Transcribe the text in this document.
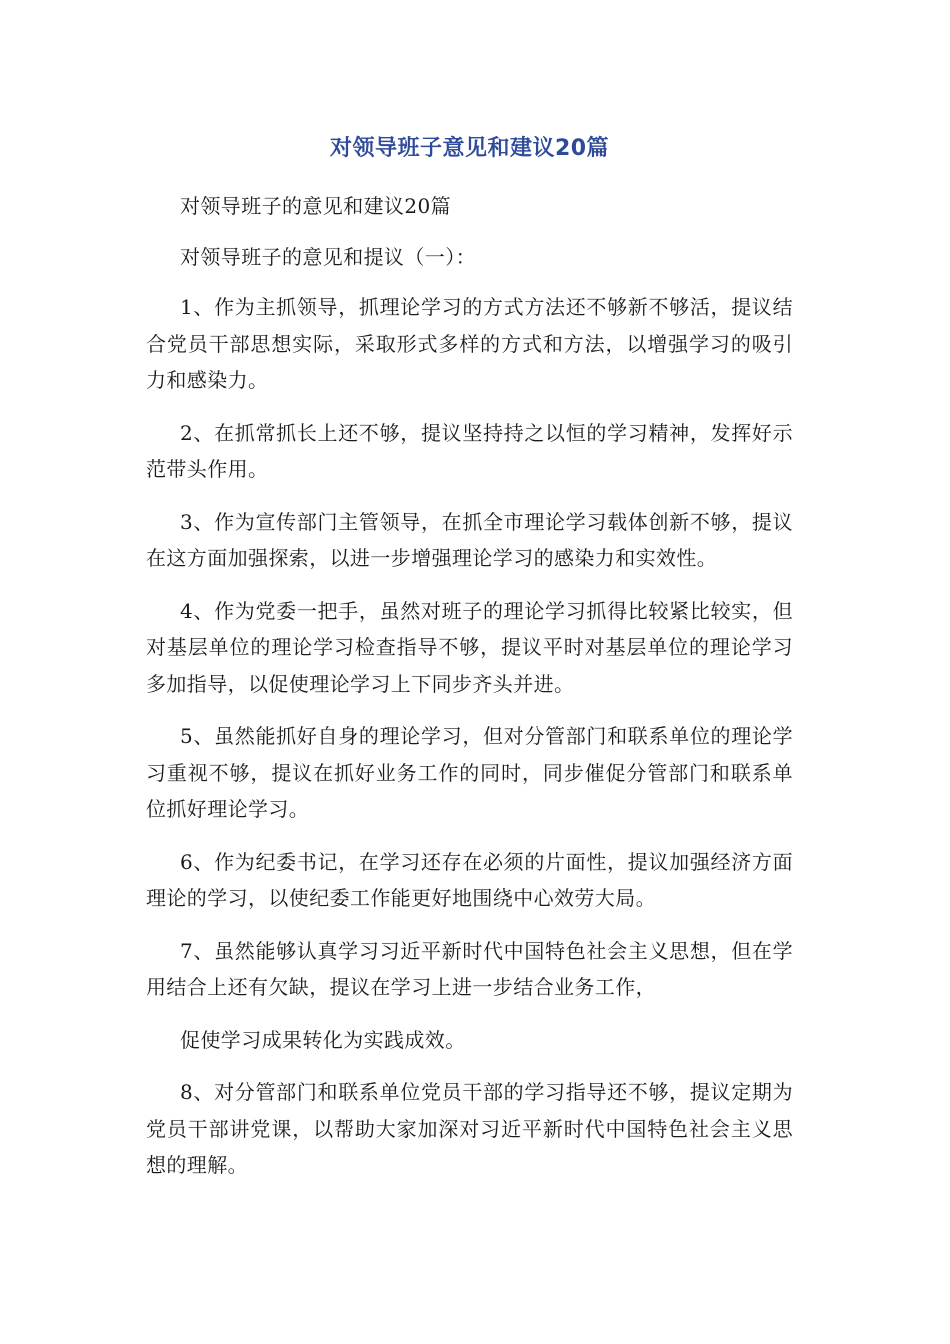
对领导班子意见和建议20篇

对领导班子的意见和建议20篇

对领导班子的意见和提议（一）：

1、作为主抓领导，抓理论学习的方式方法还不够新不够活，提议结合党员干部思想实际，采取形式多样的方式和方法，以增强学习的吸引力和感染力。

2、在抓常抓长上还不够，提议坚持持之以恒的学习精神，发挥好示范带头作用。

3、作为宣传部门主管领导，在抓全市理论学习载体创新不够，提议在这方面加强探索，以进一步增强理论学习的感染力和实效性。

4、作为党委一把手，虽然对班子的理论学习抓得比较紧比较实，但对基层单位的理论学习检查指导不够，提议平时对基层单位的理论学习多加指导，以促使理论学习上下同步齐头并进。

5、虽然能抓好自身的理论学习，但对分管部门和联系单位的理论学习重视不够，提议在抓好业务工作的同时，同步催促分管部门和联系单位抓好理论学习。

6、作为纪委书记，在学习还存在必须的片面性，提议加强经济方面理论的学习，以使纪委工作能更好地围绕中心效劳大局。

7、虽然能够认真学习习近平新时代中国特色社会主义思想，但在学用结合上还有欠缺，提议在学习上进一步结合业务工作，

促使学习成果转化为实践成效。

8、对分管部门和联系单位党员干部的学习指导还不够，提议定期为党员干部讲党课，以帮助大家加深对习近平新时代中国特色社会主义思想的理解。
